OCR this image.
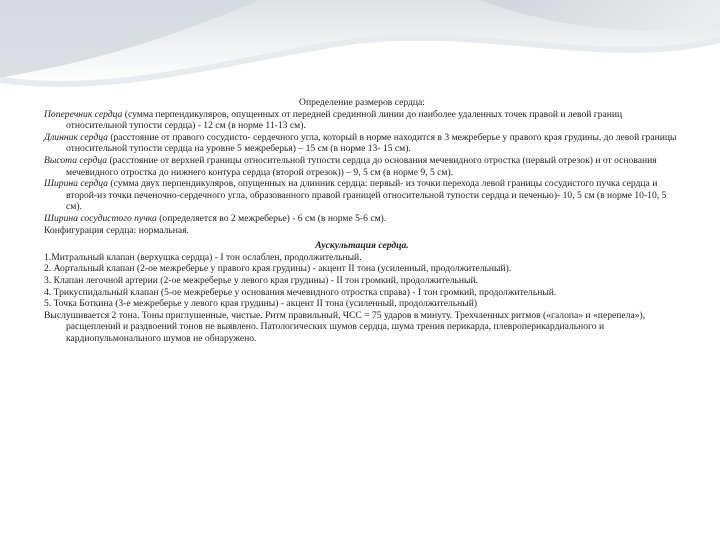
Определение размеров сердца:
Поперечник сердца (сумма перпендикуляров, опущенных от передней срединной линии до наиболее удаленных точек правой и левой границ относительной тупости сердца) - 12 см (в норме 11-13 см).
Длинник сердца (расстояние от правого сосудисто- сердечного угла, который в норме находится в 3 межреберье у правого края грудины, до левой границы относительной тупости сердца на уровне 5 межреберья) – 15 см (в норме 13- 15 см).
Высота сердца (расстояние от верхней границы относительной тупости сердца до основания мечевидного отростка (первый отрезок) и от основания мечевидного отростка до нижнего контура сердца (второй отрезок)) – 9, 5 см (в норме 9, 5 см).
Ширина сердца (сумма двух перпендикуляров, опущенных на длинник сердца: первый- из точки перехода левой границы сосудистого пучка сердца и второй-из точки печеночно-сердечного угла, образованного правой границей относительной тупости сердца и печенью)- 10, 5 см (в норме 10-10, 5 см).
Ширина сосудистого пучка (определяется во 2 межреберье) - 6 см (в норме 5-6 см).
Конфигурация сердца: нормальная.
Аускультация сердца.
1.Митральный клапан (верхушка сердца) - I тон ослаблен, продолжительный.
2. Аортальный клапан (2-ое межреберье у правого края грудины) - акцент II тона (усиленный, продолжительный).
3. Клапан легочной артерии (2-ое межреберье у левого края грудины) - II тон громкий, продолжительный.
4. Трикуспидальный клапан (5-ое межреберье у основания мечевидного отростка справа) - I тон громкий, продолжительный.
5. Точка Боткина (3-е межреберье у левого края грудины) - акцент II тона (усиленный, продолжительный)
Выслушивается 2 тона. Тоны приглушенные, чистые. Ритм правильный, ЧСС = 75 ударов в минуту. Трехчленных ритмов («галопа» и «перепела»), расщеплений и раздвоений тонов не выявлено. Патологических шумов сердца, шума трения перикарда, плевроперикардиального и кардиопульмонального шумов не обнаружено.
